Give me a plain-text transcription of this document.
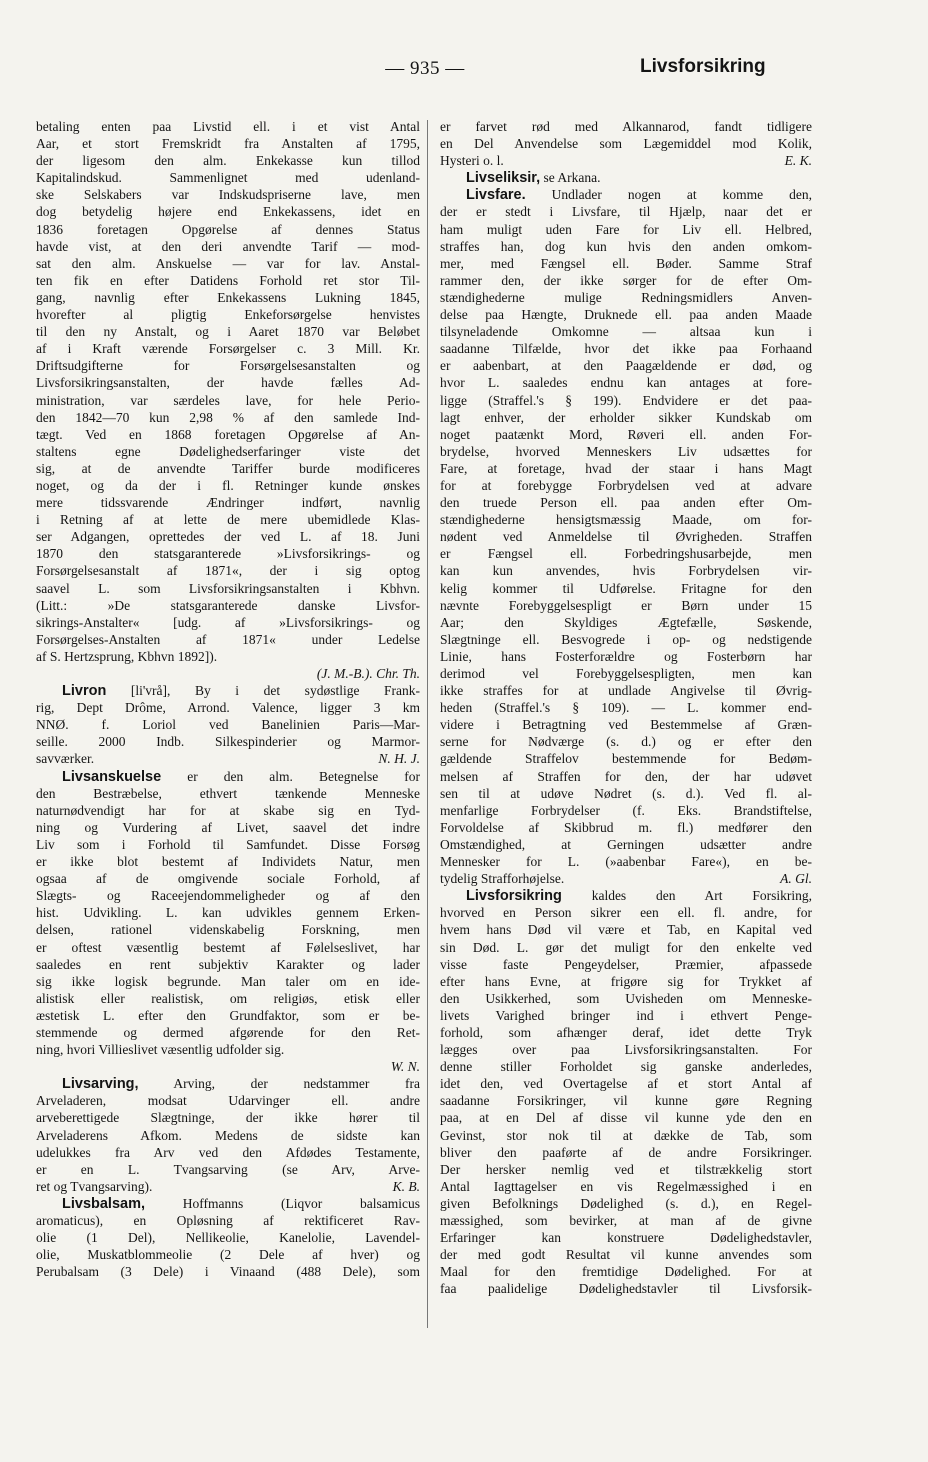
— 935 —	Livsforsikring
betaling enten paa Livstid ell. i et vist Antal
Aar, et stort Fremskridt fra Anstalten af 1795,
der ligesom den alm. Enkekasse kun tillod
Kapitalindskud. Sammenlignet med udenland-
ske Selskabers var Indskudspriserne lave, men
dog betydelig højere end Enkekassens, idet en
1836 foretagen Opgørelse af dennes Status
havde vist, at den deri anvendte Tarif — mod-
sat den alm. Anskuelse — var for lav. Anstal-
ten fik en efter Datidens Forhold ret stor Til-
gang, navnlig efter Enkekassens Lukning 1845,
hvorefter al pligtig Enkeforsørgelse henvistes
til den ny Anstalt, og i Aaret 1870 var Beløbet
af i Kraft værende Forsørgelser c. 3 Mill. Kr.
Driftsudgifterne for Forsørgelsesanstalten og
Livsforsikringsanstalten, der havde fælles Ad-
ministration, var særdeles lave, for hele Perio-
den 1842—70 kun 2,98 % af den samlede Ind-
tægt. Ved en 1868 foretagen Opgørelse af An-
staltens egne Dødelighedserfaringer viste det
sig, at de anvendte Tariffer burde modificeres
noget, og da der i fl. Retninger kunde ønskes
mere tidssvarende Ændringer indført, navnlig
i Retning af at lette de mere ubemidlede Klas-
ser Adgangen, oprettedes der ved L. af 18. Juni
1870 den statsgaranterede »Livsforsikrings- og
Forsørgelsesanstalt af 1871«, der i sig optog
saavel L. som Livsforsikringsanstalten i Kbhvn.
(Litt.: »De statsgaranterede danske Livsfor-
sikrings-Anstalter« [udg. af »Livsforsikrings- og
Forsørgelses-Anstalten af 1871« under Ledelse
af S. Hertzsprung, Kbhvn 1892]).
(J. M.-B.). Chr. Th.
Livron [li'vrå], By i det sydøstlige Frank-
rig, Dept Drôme, Arrond. Valence, ligger 3 km
NNØ. f. Loriol ved Banelinien Paris—Mar-
seille. 2000 Indb. Silkespinderier og Marmor-
savværker.	N. H. J.
Livsanskuelse er den alm. Betegnelse for
den Bestræbelse, ethvert tænkende Menneske
naturnødvendigt har for at skabe sig en Tyd-
ning og Vurdering af Livet, saavel det indre
Liv som i Forhold til Samfundet. Disse Forsøg
er ikke blot bestemt af Individets Natur, men
ogsaa af de omgivende sociale Forhold, af
Slægts- og Raceejendommeligheder og af den
hist. Udvikling. L. kan udvikles gennem Erken-
delsen, rationel videnskabelig Forskning, men
er oftest væsentlig bestemt af Følelseslivet, har
saaledes en rent subjektiv Karakter og lader
sig ikke logisk begrunde. Man taler om en ide-
alistisk eller realistisk, om religiøs, etisk eller
æstetisk L. efter den Grundfaktor, som er be-
stemmende og dermed afgørende for den Ret-
ning, hvori Villieslivet væsentlig udfolder sig.
W. N.
Livsarving, Arving, der nedstammer fra
Arveladeren, modsat Udarvinger ell. andre
arveberettigede Slægtninge, der ikke hører til
Arveladerens Afkom. Medens de sidste kan
udelukkes fra Arv ved den Afdødes Testamente,
er en L. Tvangsarving (se Arv, Arve-
ret og Tvangsarving).	K. B.
Livsbalsam, Hoffmanns (Liqvor balsamicus
aromaticus), en Opløsning af rektificeret Rav-
olie (1 Del), Nellikeolie, Kanelolie, Lavendel-
olie, Muskatblommeolie (2 Dele af hver) og
Perubalsam (3 Dele) i Vinaand (488 Dele), som
er farvet rød med Alkannarod, fandt tidligere
en Del Anvendelse som Lægemiddel mod Kolik,
Hysteri o. l.	E. K.
Livseliksir, se Arkana.
Livsfare. Undlader nogen at komme den,
der er stedt i Livsfare, til Hjælp, naar det er
ham muligt uden Fare for Liv ell. Helbred,
straffes han, dog kun hvis den anden omkom-
mer, med Fængsel ell. Bøder. Samme Straf
rammer den, der ikke sørger for de efter Om-
stændighederne mulige Redningsmidlers Anven-
delse paa Hængte, Druknede ell. paa anden Maade
tilsyneladende Omkomne — altsaa kun i
saadanne Tilfælde, hvor det ikke paa Forhaand
er aabenbart, at den Paagældende er død, og
hvor L. saaledes endnu kan antages at fore-
ligge (Straffel.'s § 199). Endvidere er det paa-
lagt enhver, der erholder sikker Kundskab om
noget paatænkt Mord, Røveri ell. anden For-
brydelse, hvorved Menneskers Liv udsættes for
Fare, at foretage, hvad der staar i hans Magt
for at forebygge Forbrydelsen ved at advare
den truede Person ell. paa anden efter Om-
stændighederne hensigtsmæssig Maade, om for-
nødent ved Anmeldelse til Øvrigheden. Straffen
er Fængsel ell. Forbedringshusarbejde, men
kan kun anvendes, hvis Forbrydelsen vir-
kelig kommer til Udførelse. Fritagne for den
nævnte Forebyggelsespligt er Børn under 15
Aar; den Skyldiges Ægtefælle, Søskende,
Slægtninge ell. Besvogrede i op- og nedstigende
Linie, hans Fosterforældre og Fosterbørn har
derimod vel Forebyggelsespligten, men kan
ikke straffes for at undlade Angivelse til Øvrig-
heden (Straffel.'s § 109). — L. kommer end-
videre i Betragtning ved Bestemmelse af Græn-
serne for Nødværge (s. d.) og er efter den
gældende Straffelov bestemmende for Bedøm-
melsen af Straffen for den, der har udøvet
sen til at udøve Nødret (s. d.). Ved fl. al-
menfarlige Forbrydelser (f. Eks. Brandstiftelse,
Forvoldelse af Skibbrud m. fl.) medfører den
Omstændighed, at Gerningen udsætter andre
Mennesker for L. (»aabenbar Fare«), en be-
tydelig Strafforhøjelse.	A. Gl.
Livsforsikring kaldes den Art Forsikring,
hvorved en Person sikrer een ell. fl. andre, for
hvem hans Død vil være et Tab, en Kapital ved
sin Død. L. gør det muligt for den enkelte ved
visse faste Pengeydelser, Præmier, afpassede
efter hans Evne, at frigøre sig for Trykket af
den Usikkerhed, som Uvisheden om Menneske-
livets Varighed bringer ind i ethvert Penge-
forhold, som afhænger deraf, idet dette Tryk
lægges over paa Livsforsikringsanstalten. For
denne stiller Forholdet sig ganske anderledes,
idet den, ved Overtagelse af et stort Antal af
saadanne Forsikringer, vil kunne gøre Regning
paa, at en Del af disse vil kunne yde den en
Gevinst, stor nok til at dække de Tab, som
bliver den paaførte af de andre Forsikringer.
Der hersker nemlig ved et tilstrækkelig stort
Antal Iagttagelser en vis Regelmæssighed i en
given Befolknings Dødelighed (s. d.), en Regel-
mæssighed, som bevirker, at man af de givne
Erfaringer kan konstruere Dødelighedstavler,
der med godt Resultat vil kunne anvendes som
Maal for den fremtidige Dødelighed. For at
faa paalidelige Dødelighedstavler til Livsforsik-
